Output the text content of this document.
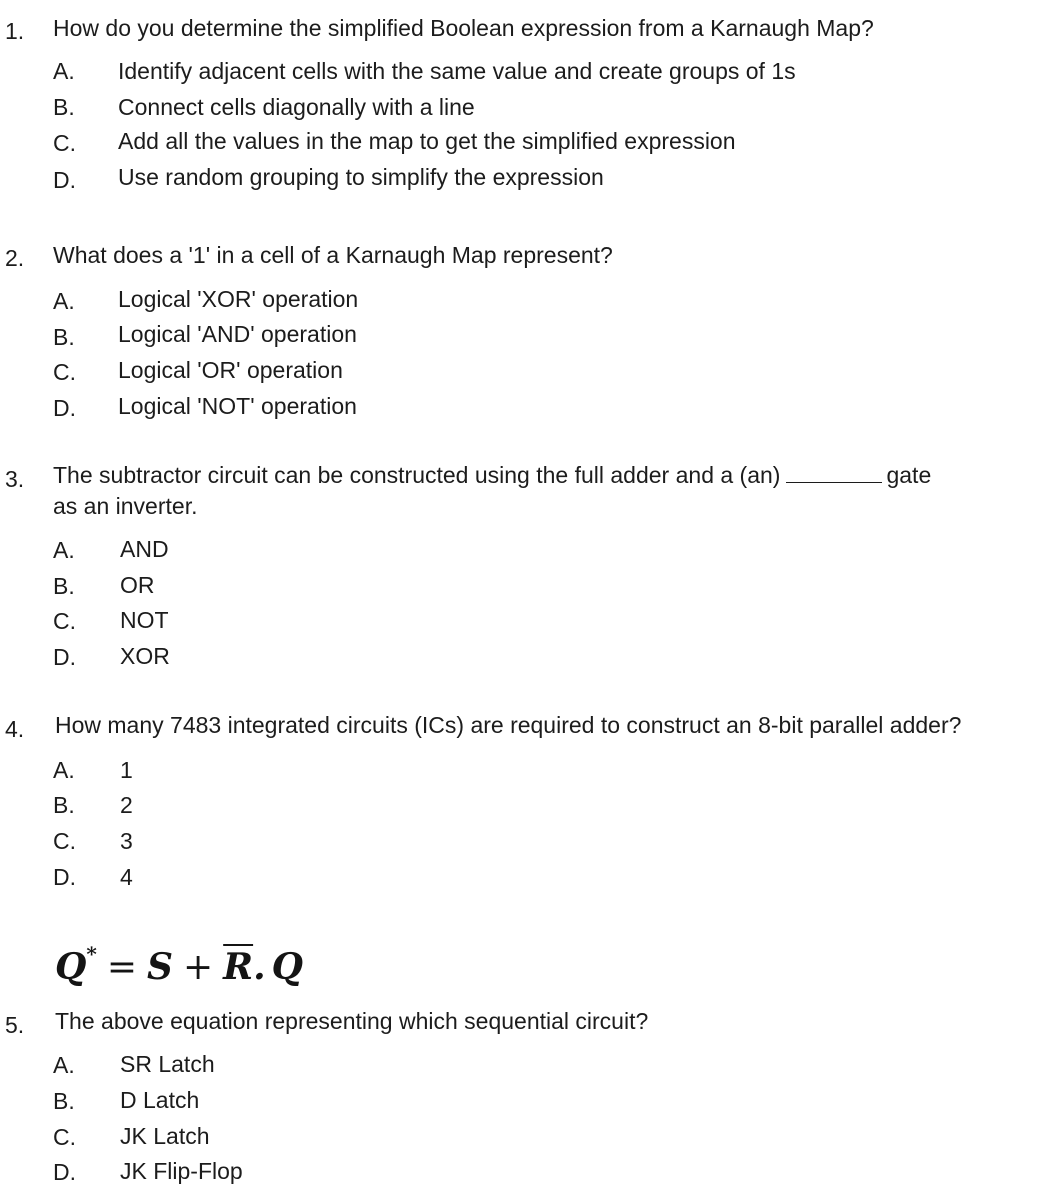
1. How do you determine the simplified Boolean expression from a Karnaugh Map?
A. Identify adjacent cells with the same value and create groups of 1s
B. Connect cells diagonally with a line
C. Add all the values in the map to get the simplified expression
D. Use random grouping to simplify the expression
2. What does a '1' in a cell of a Karnaugh Map represent?
A. Logical 'XOR' operation
B. Logical 'AND' operation
C. Logical 'OR' operation
D. Logical 'NOT' operation
3. The subtractor circuit can be constructed using the full adder and a (an)	gate
as an inverter.
A. AND
B. OR
C. NOT
D. XOR
4. How many 7483 integrated circuits (ICs) are required to construct an 8-bit parallel adder?
A. 1
B. 2
C. 3
D. 4
$Q^* = S + \overline{R}$. Q
5. The above equation representing which sequential circuit?
A. SR Latch
B. D Latch
C. JK Latch
D. JK Flip-Flop
